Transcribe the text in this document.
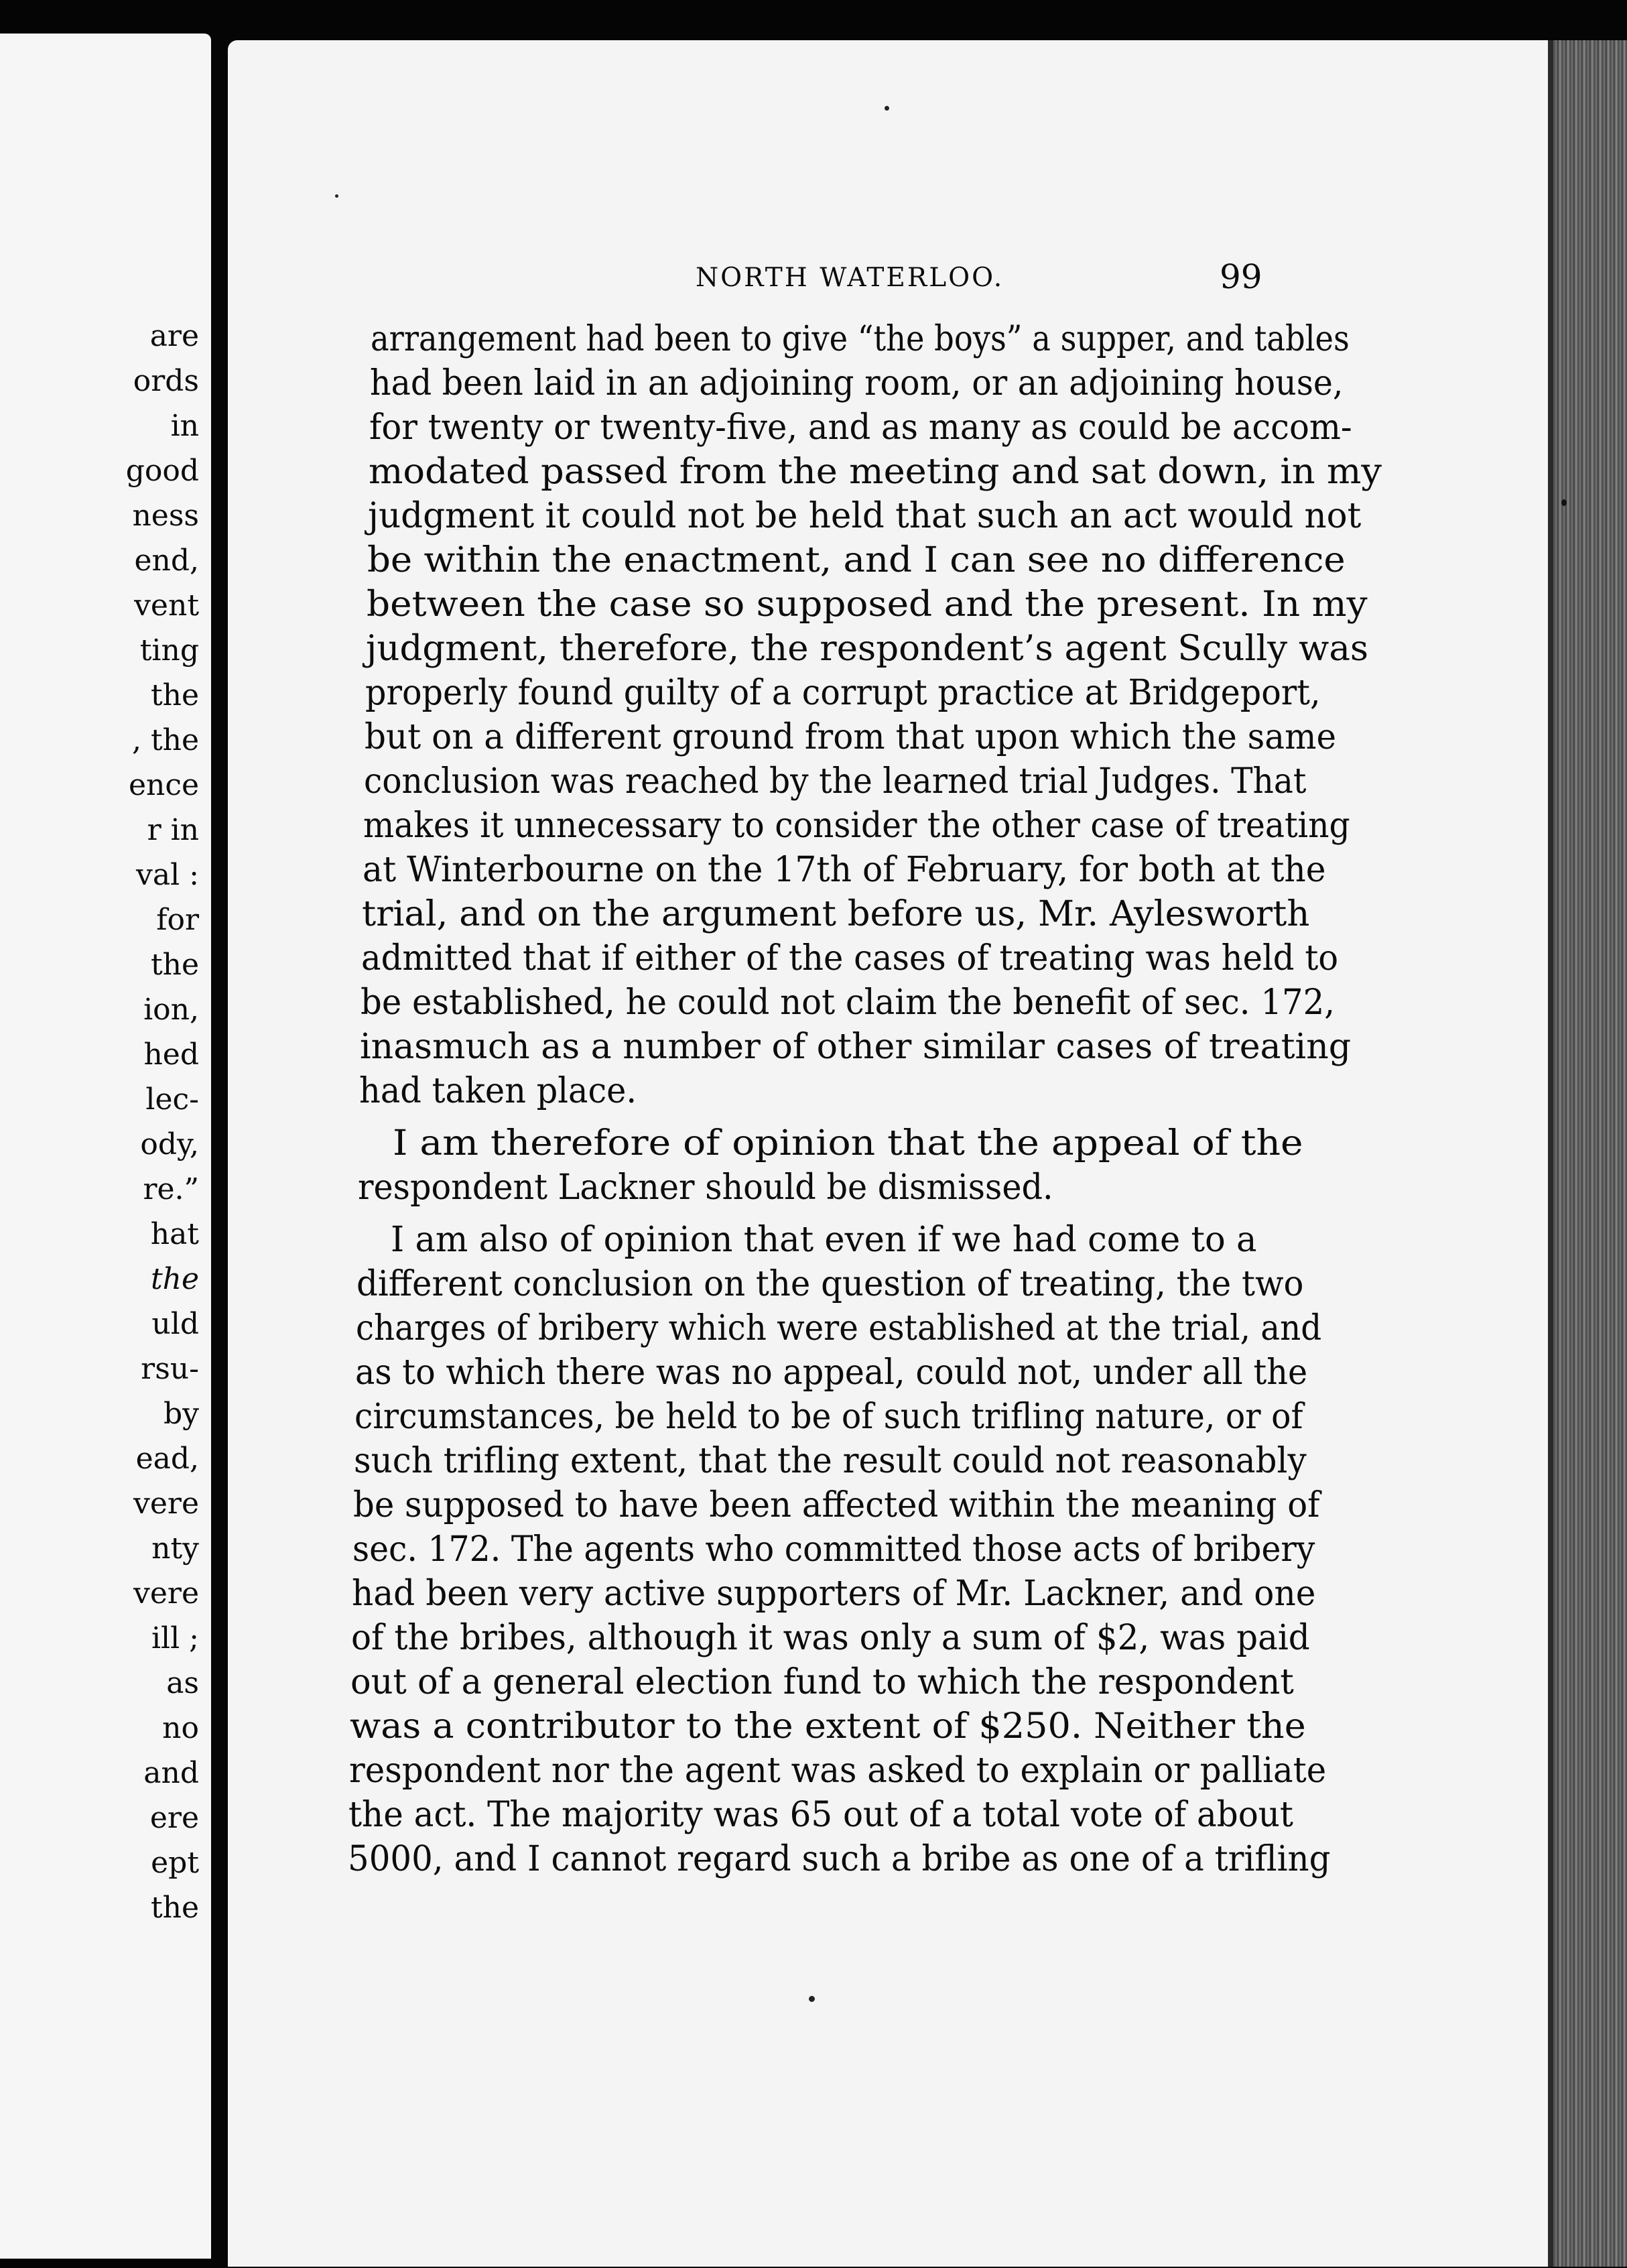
are
ords
in
good
ness
end,
vent
ting
the
, the
ence
r in
val :
for
the
ion,
hed
lec-
ody,
re.”
hat
the
uld
rsu-
by
ead,
vere
nty
vere
ill ;
as
no
and
ere
ept
the
NORTH WATERLOO.	99
arrangement had been to give “the boys” a supper, and tables
had been laid in an adjoining room, or an adjoining house,
for twenty or twenty-five, and as many as could be accom-
modated passed from the meeting and sat down, in my
judgment it could not be held that such an act would not
be within the enactment, and I can see no difference
between the case so supposed and the present. In my
judgment, therefore, the respondent’s agent Scully was
properly found guilty of a corrupt practice at Bridgeport,
but on a different ground from that upon which the same
conclusion was reached by the learned trial Judges. That
makes it unnecessary to consider the other case of treating
at Winterbourne on the 17th of February, for both at the
trial, and on the argument before us, Mr. Aylesworth
admitted that if either of the cases of treating was held to
be established, he could not claim the benefit of sec. 172,
inasmuch as a number of other similar cases of treating
had taken place.
I am therefore of opinion that the appeal of the
respondent Lackner should be dismissed.
I am also of opinion that even if we had come to a
different conclusion on the question of treating, the two
charges of bribery which were established at the trial, and
as to which there was no appeal, could not, under all the
circumstances, be held to be of such trifling nature, or of
such trifling extent, that the result could not reasonably
be supposed to have been affected within the meaning of
sec. 172. The agents who committed those acts of bribery
had been very active supporters of Mr. Lackner, and one
of the bribes, although it was only a sum of $2, was paid
out of a general election fund to which the respondent
was a contributor to the extent of $250. Neither the
respondent nor the agent was asked to explain or palliate
the act. The majority was 65 out of a total vote of about
5000, and I cannot regard such a bribe as one of a trifling
